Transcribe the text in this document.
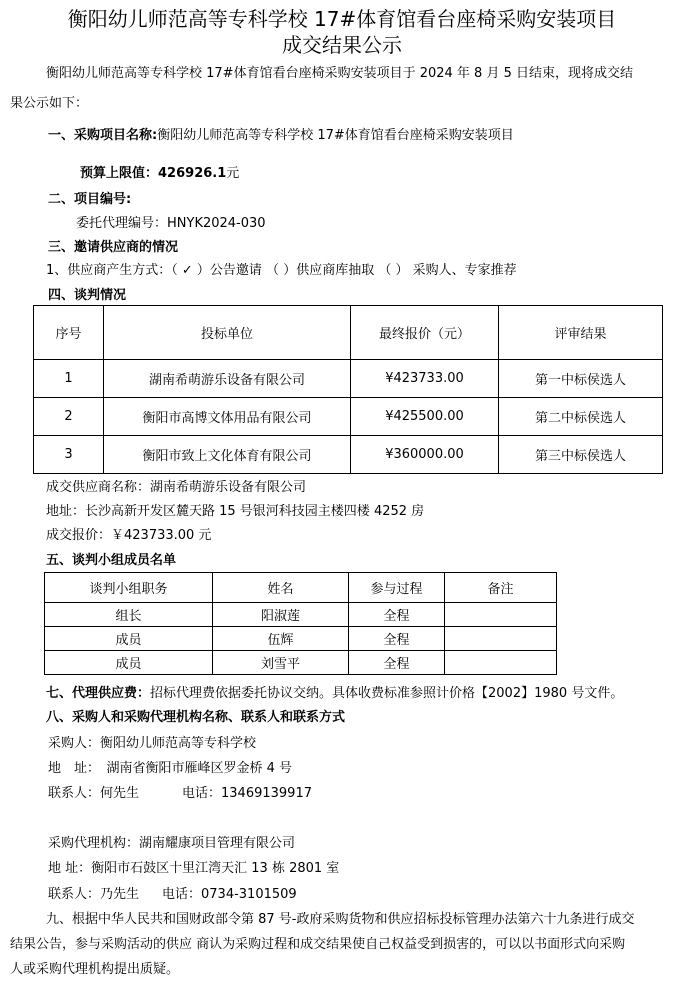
衡阳幼儿师范高等专科学校 17#体育馆看台座椅采购安装项目
成交结果公示
衡阳幼儿师范高等专科学校 17#体育馆看台座椅采购安装项目于 2024 年 8 月 5 日结束，现将成交结
果公示如下：
一、采购项目名称:衡阳幼儿师范高等专科学校 17#体育馆看台座椅采购安装项目
预算上限值：426926.1元
二、项目编号:
委托代理编号：HNYK2024-030
三、邀请供应商的情况
1、供应商产生方式：（ ✓ ）公告邀请 （ ）供应商库抽取 （ ） 采购人、专家推荐
四、谈判情况
序号	投标单位	最终报价（元）	评审结果
1	湖南希萌游乐设备有限公司	¥423733.00	第一中标侯选人
2	衡阳市高博文体用品有限公司	¥425500.00	第二中标侯选人
3	衡阳市致上文化体育有限公司	¥360000.00	第三中标侯选人
成交供应商名称：湖南希萌游乐设备有限公司
地址：长沙高新开发区麓天路 15 号银河科技园主楼四楼 4252 房
成交报价：￥423733.00 元
五、谈判小组成员名单
谈判小组职务	姓名	参与过程	备注
组长	阳淑莲	全程	
成员	伍辉	全程	
成员	刘雪平	全程	
七、代理供应费：招标代理费依据委托协议交纳。具体收费标准参照计价格【2002】1980 号文件。
八、采购人和采购代理机构名称、联系人和联系方式
采购人：衡阳幼儿师范高等专科学校
地　址：　湖南省衡阳市雁峰区罗金桥 4 号
联系人：何先生	电话：13469139917
采购代理机构：湖南耀康项目管理有限公司
地 址：衡阳市石鼓区十里江湾天汇 13 栋 2801 室
联系人：乃先生 电话：0734-3101509
九、根据中华人民共和国财政部令第 87 号-政府采购货物和供应招标投标管理办法第六十九条进行成交
结果公告，参与采购活动的供应 商认为采购过程和成交结果使自己权益受到损害的，可以以书面形式向采购
人或采购代理机构提出质疑。
